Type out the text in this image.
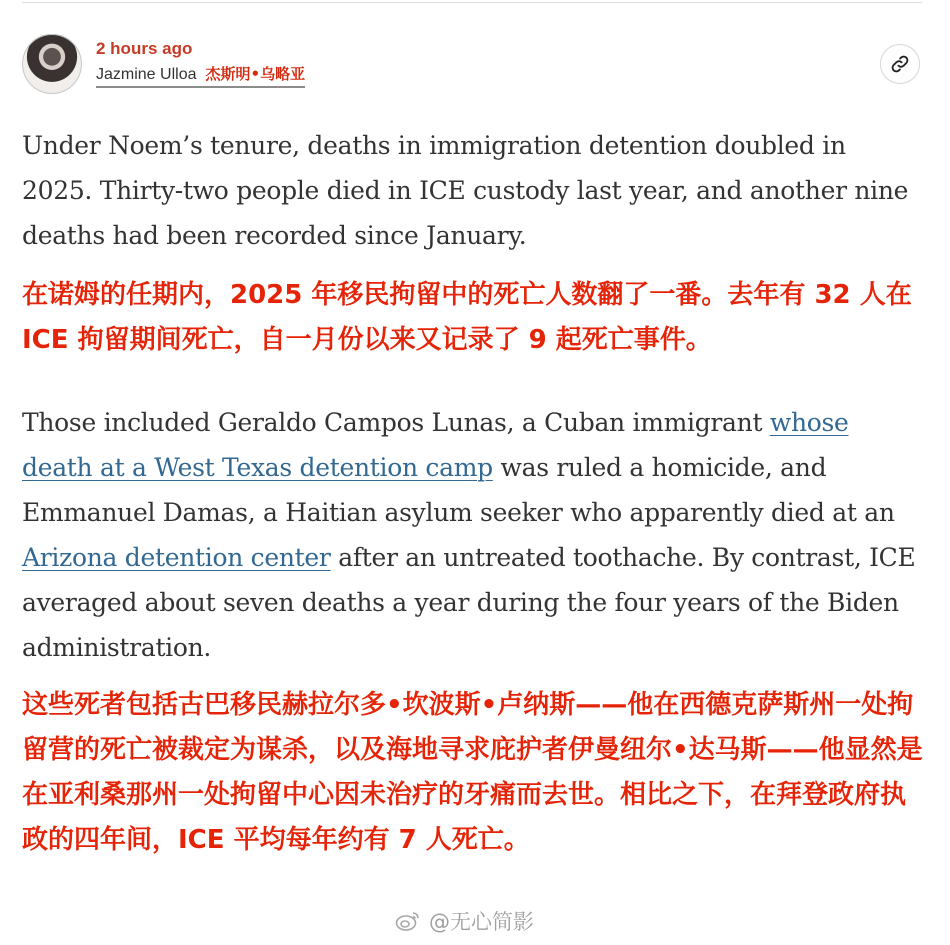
2 hours ago
Jazmine Ulloa 杰斯明•乌略亚

Under Noem’s tenure, deaths in immigration detention doubled in 2025. Thirty-two people died in ICE custody last year, and another nine deaths had been recorded since January.

在诺姆的任期内，2025 年移民拘留中的死亡人数翻了一番。去年有 32 人在 ICE 拘留期间死亡，自一月份以来又记录了 9 起死亡事件。

Those included Geraldo Campos Lunas, a Cuban immigrant whose death at a West Texas detention camp was ruled a homicide, and Emmanuel Damas, a Haitian asylum seeker who apparently died at an Arizona detention center after an untreated toothache. By contrast, ICE averaged about seven deaths a year during the four years of the Biden administration.

这些死者包括古巴移民赫拉尔多•坎波斯•卢纳斯——他在西德克萨斯州一处拘留营的死亡被裁定为谋杀，以及海地寻求庇护者伊曼纽尔•达马斯——他显然是在亚利桑那州一处拘留中心因未治疗的牙痛而去世。相比之下，在拜登政府执政的四年间，ICE 平均每年约有 7 人死亡。

@无心简影
